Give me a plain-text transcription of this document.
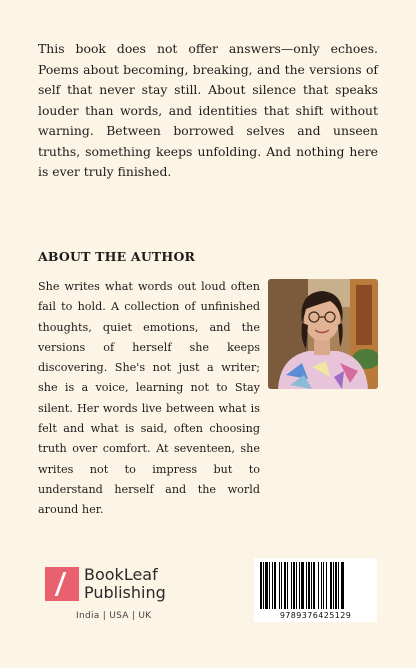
This book does not offer answers—only echoes. Poems about becoming, breaking, and the versions of self that never stay still. About silence that speaks louder than words, and identities that shift without warning. Between borrowed selves and unseen truths, something keeps unfolding. And nothing here is ever truly finished.

ABOUT THE AUTHOR

She writes what words out loud often fail to hold. A collection of unfinished thoughts, quiet emotions, and the versions of herself she keeps discovering. She's not just a writer; she is a voice, learning not to Stay silent. Her words live between what is felt and what is said, often choosing truth over comfort. At seventeen, she writes not to impress but to understand herself and the world around her.

BookLeaf
Publishing
India | USA | UK	9789376425129
